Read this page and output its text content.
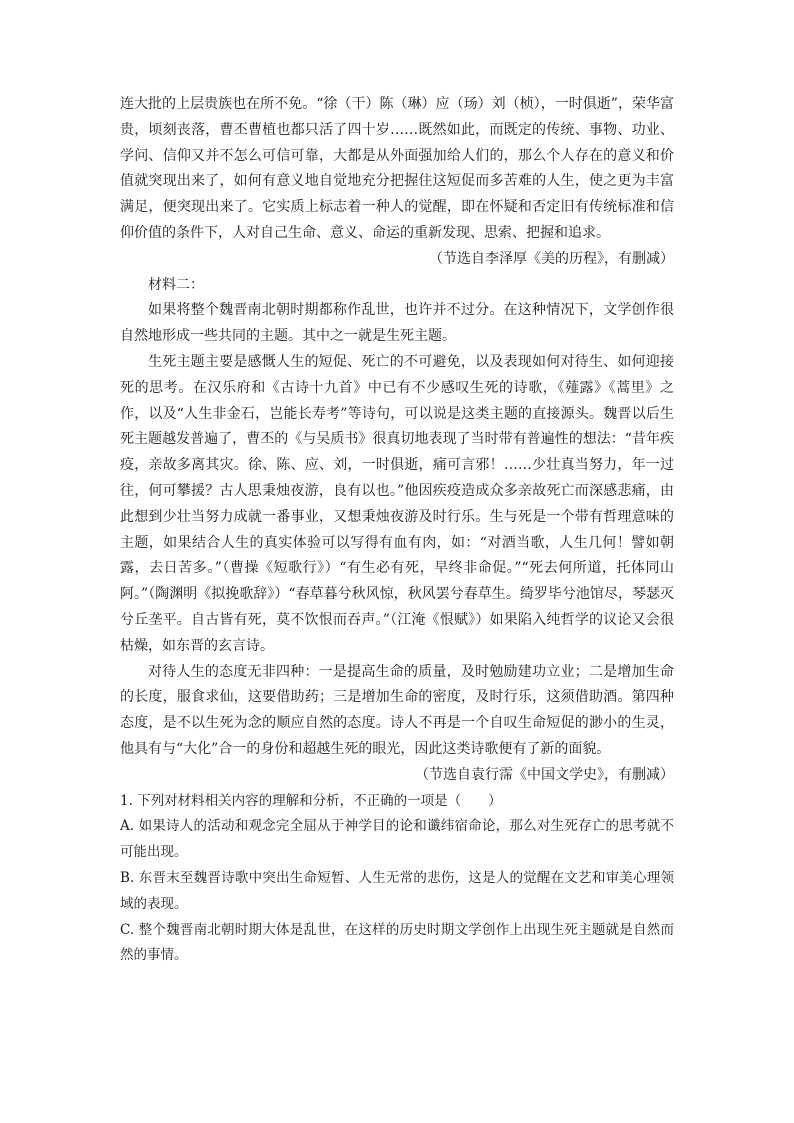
连大批的上层贵族也在所不免。“徐（干）陈（琳）应（玚）刘（桢），一时俱逝”，荣华富贵，顷刻丧落，曹丕曹植也都只活了四十岁……既然如此，而既定的传统、事物、功业、学问、信仰又并不怎么可信可靠，大都是从外面强加给人们的，那么个人存在的意义和价值就突现出来了，如何有意义地自觉地充分把握住这短促而多苦难的人生，使之更为丰富满足，便突现出来了。它实质上标志着一种人的觉醒，即在怀疑和否定旧有传统标准和信仰价值的条件下，人对自己生命、意义、命运的重新发现、思索、把握和追求。

（节选自李泽厚《美的历程》，有删减）

材料二：

如果将整个魏晋南北朝时期都称作乱世，也许并不过分。在这种情况下，文学创作很自然地形成一些共同的主题。其中之一就是生死主题。

生死主题主要是感慨人生的短促、死亡的不可避免，以及表现如何对待生、如何迎接死的思考。在汉乐府和《古诗十九首》中已有不少感叹生死的诗歌，《薤露》《蒿里》之作，以及“人生非金石，岂能长寿考”等诗句，可以说是这类主题的直接源头。魏晋以后生死主题越发普遍了，曹丕的《与吴质书》很真切地表现了当时带有普遍性的想法：“昔年疾疫，亲故多离其灾。徐、陈、应、刘，一时俱逝，痛可言邪！……少壮真当努力，年一过往，何可攀援？古人思秉烛夜游，良有以也。”他因疾疫造成众多亲故死亡而深感悲痛，由此想到少壮当努力成就一番事业，又想秉烛夜游及时行乐。生与死是一个带有哲理意味的主题，如果结合人生的真实体验可以写得有血有肉，如：“对酒当歌，人生几何！譬如朝露，去日苦多。”（曹操《短歌行》）“有生必有死，早终非命促。”“死去何所道，托体同山阿。”（陶渊明《拟挽歌辞》）“春草暮兮秋风惊，秋风罢兮春草生。绮罗毕兮池馆尽，琴瑟灭兮丘垄平。自古皆有死，莫不饮恨而吞声。”（江淹《恨赋》）如果陷入纯哲学的议论又会很枯燥，如东晋的玄言诗。

对待人生的态度无非四种：一是提高生命的质量，及时勉励建功立业；二是增加生命的长度，服食求仙，这要借助药；三是增加生命的密度，及时行乐，这须借助酒。第四种态度，是不以生死为念的顺应自然的态度。诗人不再是一个自叹生命短促的渺小的生灵，他具有与“大化”合一的身份和超越生死的眼光，因此这类诗歌便有了新的面貌。

（节选自袁行霈《中国文学史》，有删减）

1. 下列对材料相关内容的理解和分析，不正确的一项是（　　）

A. 如果诗人的活动和观念完全屈从于神学目的论和谶纬宿命论，那么对生死存亡的思考就不可能出现。

B. 东晋末至魏晋诗歌中突出生命短暂、人生无常的悲伤，这是人的觉醒在文艺和审美心理领域的表现。

C. 整个魏晋南北朝时期大体是乱世，在这样的历史时期文学创作上出现生死主题就是自然而然的事情。
